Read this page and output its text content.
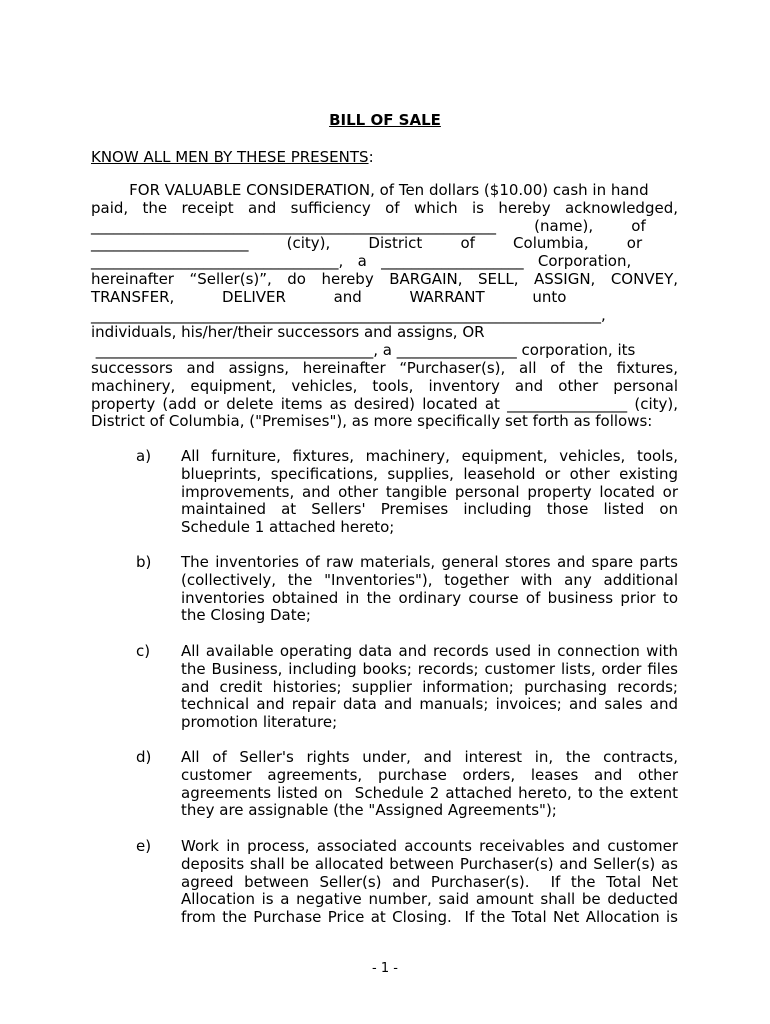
BILL OF SALE

KNOW ALL MEN BY THESE PRESENTS:

FOR VALUABLE CONSIDERATION, of Ten dollars ($10.00) cash in hand
paid, the receipt and sufficiency of which is hereby acknowledged,
______________________________________________________        (name),        of
_____________________        (city),        District        of        Columbia,        or
_________________________________,   a   ___________________   Corporation,
hereinafter “Seller(s)”, do hereby BARGAIN, SELL, ASSIGN, CONVEY,
TRANSFER,          DELIVER          and          WARRANT          unto
____________________________________________________________________,
individuals, his/her/their successors and assigns, OR
_____________________________________, a ________________ corporation, its
successors and assigns, hereinafter “Purchaser(s), all of the fixtures,
machinery, equipment, vehicles, tools, inventory and other personal
property (add or delete items as desired) located at ________________ (city),
District of Columbia, ("Premises"), as more specifically set forth as follows:
a) All furniture, fixtures, machinery, equipment, vehicles, tools,
blueprints, specifications, supplies, leasehold or other existing
improvements, and other tangible personal property located or
maintained at Sellers' Premises including those listed on
Schedule 1 attached hereto;
b) The inventories of raw materials, general stores and spare parts
(collectively, the "Inventories"), together with any additional
inventories obtained in the ordinary course of business prior to
the Closing Date;
c) All available operating data and records used in connection with
the Business, including books; records; customer lists, order files
and credit histories; supplier information; purchasing records;
technical and repair data and manuals; invoices; and sales and
promotion literature;
d) All of Seller's rights under, and interest in, the contracts,
customer agreements, purchase orders, leases and other
agreements listed on  Schedule 2 attached hereto, to the extent
they are assignable (the "Assigned Agreements");
e) Work in process, associated accounts receivables and customer
deposits shall be allocated between Purchaser(s) and Seller(s) as
agreed between Seller(s) and Purchaser(s).  If the Total Net
Allocation is a negative number, said amount shall be deducted
from the Purchase Price at Closing.  If the Total Net Allocation is
- 1 -
